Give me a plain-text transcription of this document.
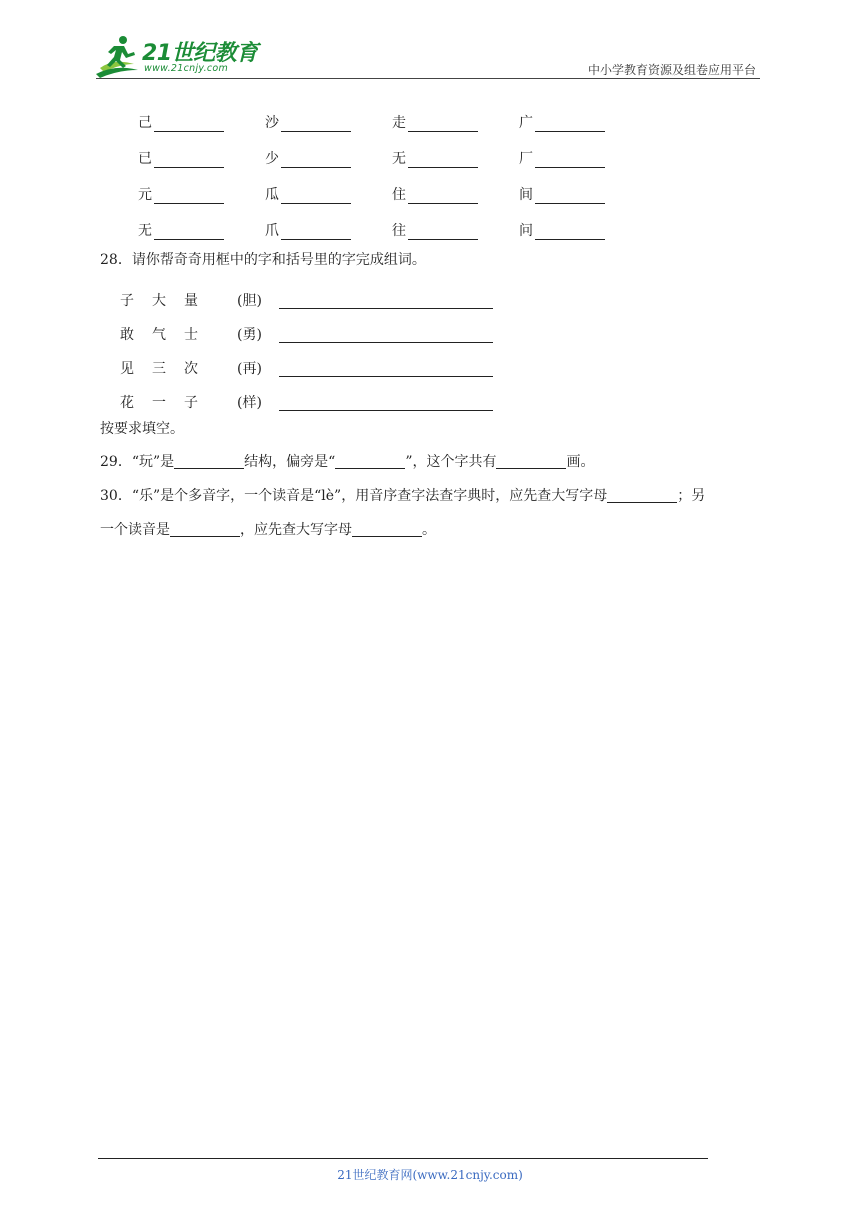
21世纪教育
www.21cnjy.com	中小学教育资源及组卷应用平台
己	沙	走	广
已	少	无	厂
元	瓜	住	间
无	爪	往	问
28．请你帮奇奇用框中的字和括号里的字完成组词。
子	大	量	(胆)
敢	气	士	(勇)
见	三	次	(再)
花	一	子	(样)
按要求填空。
29．“玩”是	结构，偏旁是“	”，这个字共有	画。
30．“乐”是个多音字，一个读音是“lè”，用音序查字法查字典时，应先查大写字母	；另
一个读音是	，应先查大写字母	。
21世纪教育网(www.21cnjy.com)
